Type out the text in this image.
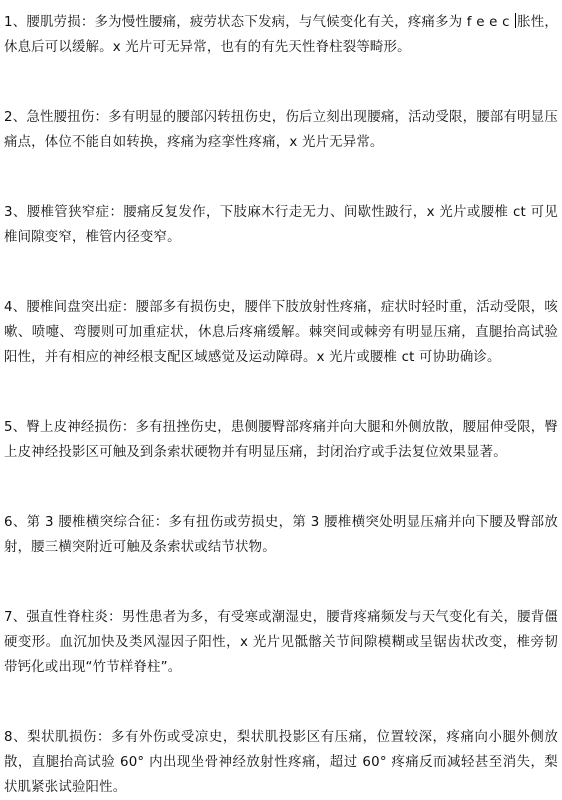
1、腰肌劳损：多为慢性腰痛，疲劳状态下发病，与气候变化有关，疼痛多为 f e e c 胀性，休息后可以缓解。x 光片可无异常，也有的有先天性脊柱裂等畸形。

2、急性腰扭伤：多有明显的腰部闪转扭伤史，伤后立刻出现腰痛，活动受限，腰部有明显压痛点，体位不能自如转换，疼痛为痉挛性疼痛，x 光片无异常。

3、腰椎管狭窄症：腰痛反复发作，下肢麻木行走无力、间歇性跛行，x 光片或腰椎 ct 可见椎间隙变窄，椎管内径变窄。

4、腰椎间盘突出症：腰部多有损伤史，腰伴下肢放射性疼痛，症状时轻时重，活动受限，咳嗽、喷嚏、弯腰则可加重症状，休息后疼痛缓解。棘突间或棘旁有明显压痛，直腿抬高试验阳性，并有相应的神经根支配区域感觉及运动障碍。x 光片或腰椎 ct 可协助确诊。

5、臀上皮神经损伤：多有扭挫伤史，患侧腰臀部疼痛并向大腿和外侧放散，腰屈伸受限，臀上皮神经投影区可触及到条索状硬物并有明显压痛，封闭治疗或手法复位效果显著。

6、第 3 腰椎横突综合征：多有扭伤或劳损史，第 3 腰椎横突处明显压痛并向下腰及臀部放射，腰三横突附近可触及条索状或结节状物。

7、强直性脊柱炎：男性患者为多，有受寒或潮湿史，腰背疼痛频发与天气变化有关，腰背僵硬变形。血沉加快及类风湿因子阳性，x 光片见骶髂关节间隙模糊或呈锯齿状改变，椎旁韧带钙化或出现“竹节样脊柱”。

8、梨状肌损伤：多有外伤或受凉史，梨状肌投影区有压痛，位置较深，疼痛向小腿外侧放散，直腿抬高试验 60° 内出现坐骨神经放射性疼痛，超过 60° 疼痛反而减轻甚至消失，梨状肌紧张试验阳性。
